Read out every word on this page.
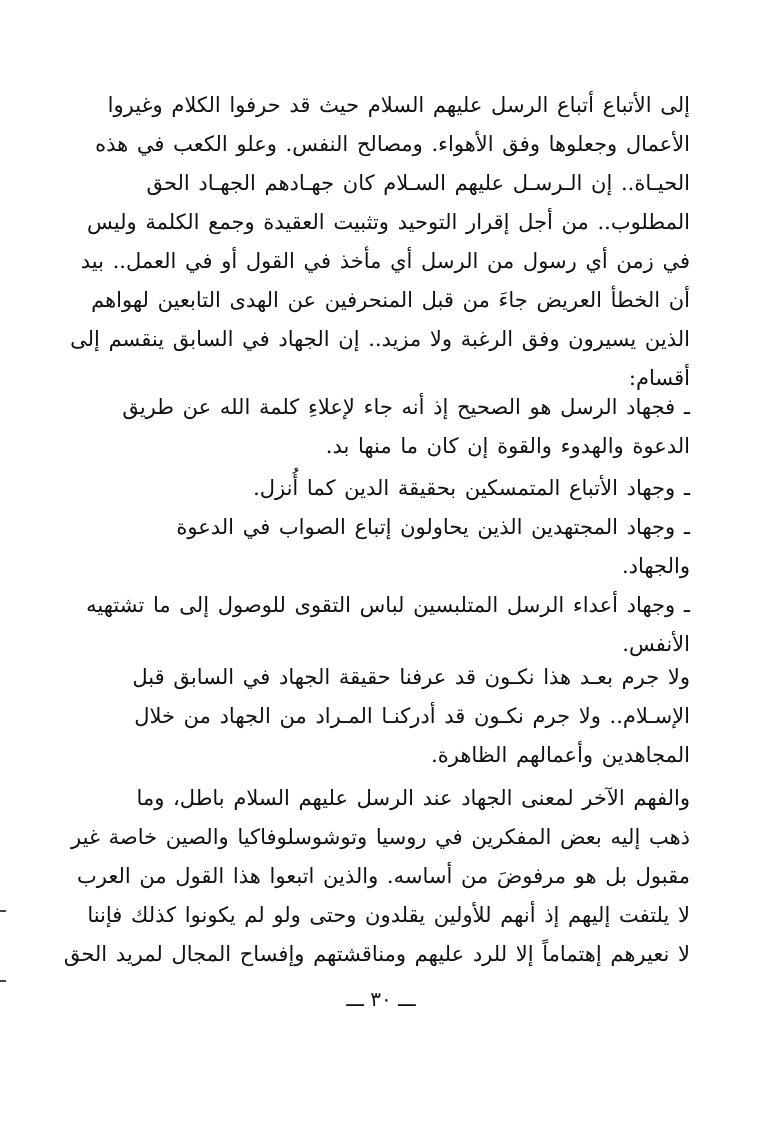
إلى الأتباع أتباع الرسل عليهم السلام حيث قد حرفوا الكلام وغيروا
الأعمال وجعلوها وفق الأهواء. ومصالح النفس. وعلو الكعب في هذه
الحيـاة.. إن الـرسـل عليهم السـلام كان جهـادهم الجهـاد الحق
المطلوب.. من أجل إقرار التوحيد وتثبيت العقيدة وجمع الكلمة وليس
في زمن أي رسول من الرسل أي مأخذ في القول أو في العمل.. بيد
أن الخطأ العريض جاءَ من قبل المنحرفين عن الهدى التابعين لهواهم
الذين يسيرون وفق الرغبة ولا مزيد.. إن الجهاد في السابق ينقسم إلى
أقسام:
ـ فجهاد الرسل هو الصحيح إذ أنه جاء لإعلاءِ كلمة الله عن طريق
الدعوة والهدوء والقوة إن كان ما منها بد.
ـ وجهاد الأتباع المتمسكين بحقيقة الدين كما أُنزل.
ـ وجهاد المجتهدين الذين يحاولون إتباع الصواب في الدعوة
والجهاد.
ـ وجهاد أعداء الرسل المتلبسين لباس التقوى للوصول إلى ما تشتهيه
الأنفس.
ولا جرم بعـد هذا نكـون قد عرفنا حقيقة الجهاد في السابق قبل
الإسـلام.. ولا جرم نكـون قد أدركنـا المـراد من الجهاد من خلال
المجاهدين وأعمالهم الظاهرة.
والفهم الآخر لمعنى الجهاد عند الرسل عليهم السلام باطل، وما
ذهب إليه بعض المفكرين في روسيا وتوشوسلوفاكيا والصين خاصة غير
مقبول بل هو مرفوضَ من أساسه. والذين اتبعوا هذا القول من العرب
لا يلتفت إليهم إذ أنهم للأولين يقلدون وحتى ولو لم يكونوا كذلك فإننا
لا نعيرهم إهتماماً إلا للرد عليهم ومناقشتهم وإفساح المجال لمريد الحق
ـــ ٣٠ ـــ
